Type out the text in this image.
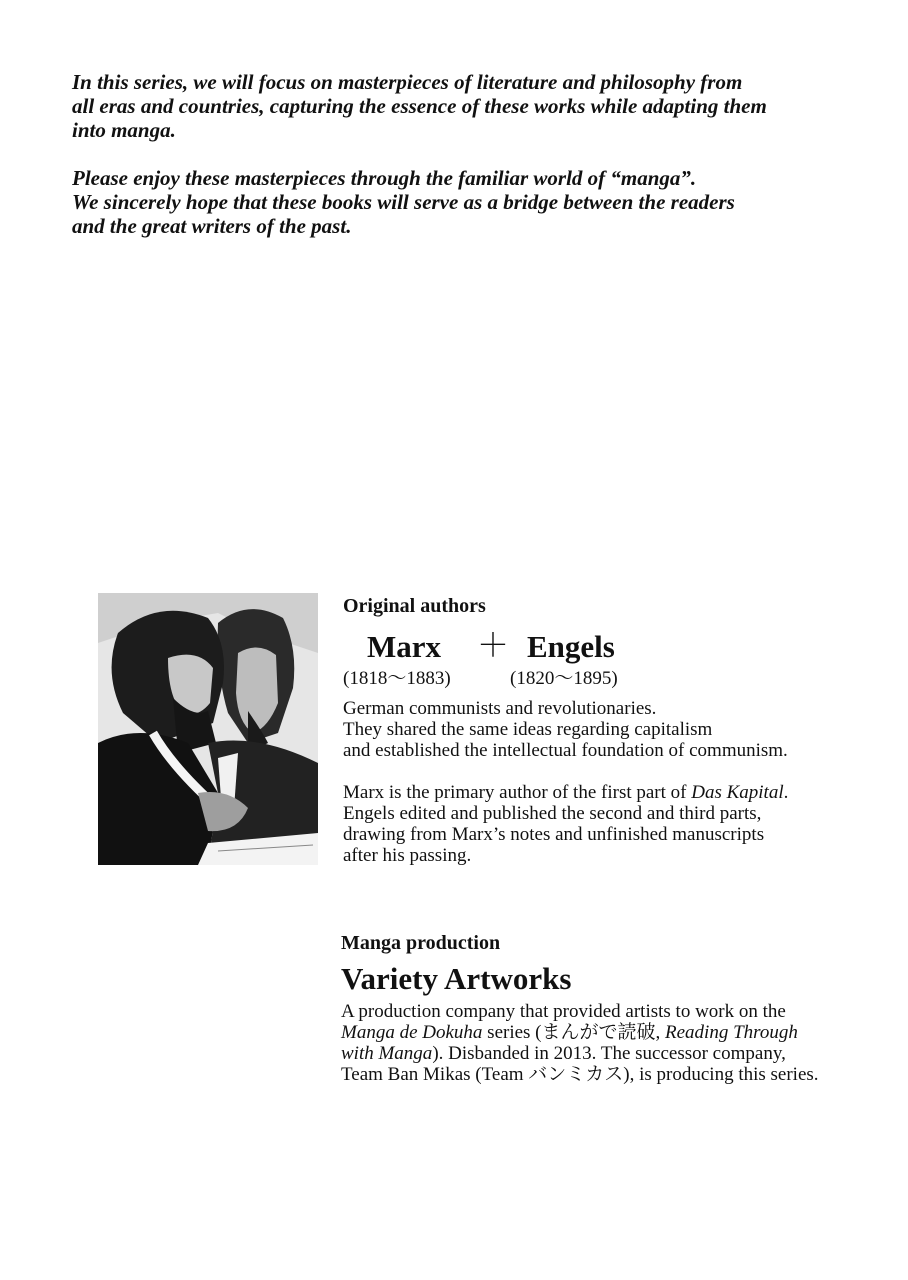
In this series, we will focus on masterpieces of literature and philosophy from
all eras and countries, capturing the essence of these works while adapting them
into manga.

Please enjoy these masterpieces through the familiar world of “manga”.
We sincerely hope that these books will serve as a bridge between the readers
and the great writers of the past.

Original authors
Marx ＋ Engels
(1818～1883)	(1820～1895)
German communists and revolutionaries.
They shared the same ideas regarding capitalism
and established the intellectual foundation of communism.
Marx is the primary author of the first part of Das Kapital.
Engels edited and published the second and third parts,
drawing from Marx’s notes and unfinished manuscripts
after his passing.
Manga production
Variety Artworks
A production company that provided artists to work on the
Manga de Dokuha series (まんがで読破, Reading Through
with Manga). Disbanded in 2013. The successor company,
Team Ban Mikas (Team バンミカス), is producing this series.
